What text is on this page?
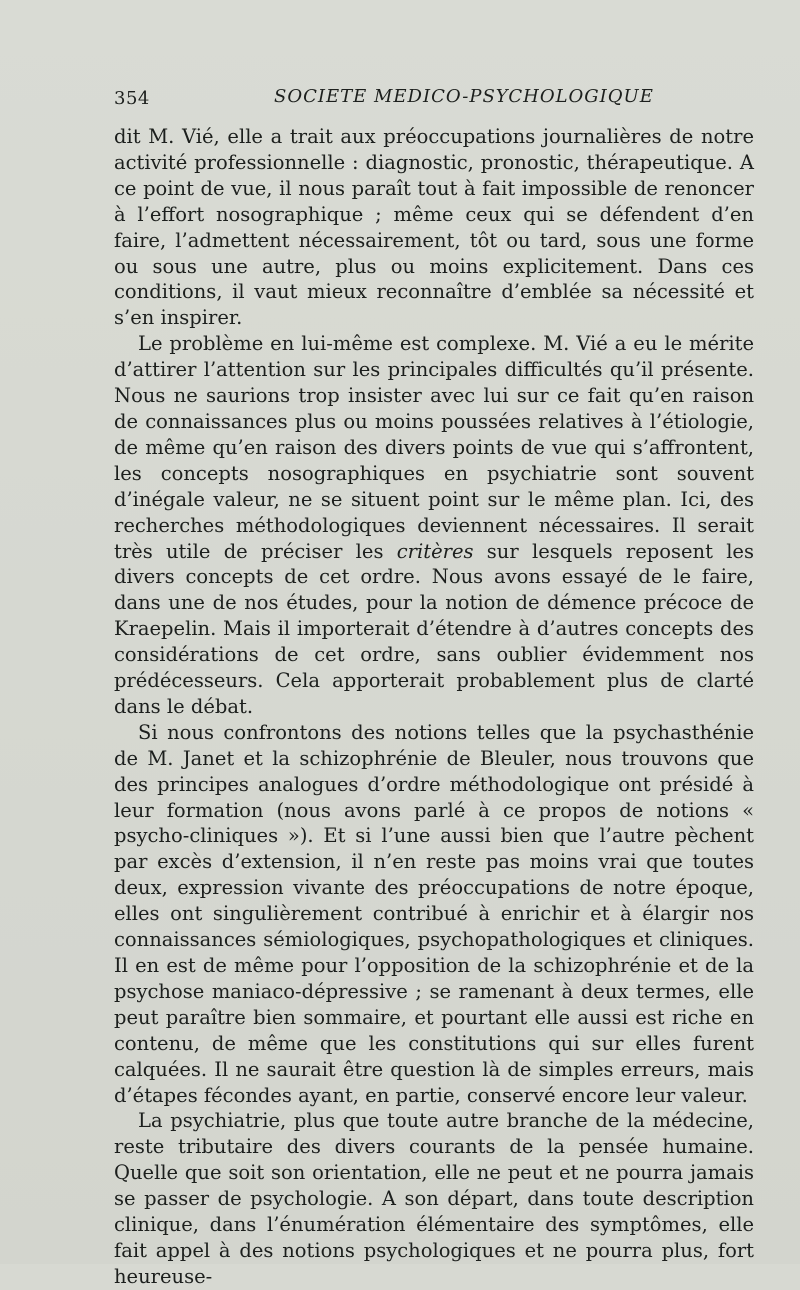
354	SOCIETE MEDICO-PSYCHOLOGIQUE

dit M. Vié, elle a trait aux préoccupations journalières de notre activité professionnelle : diagnostic, pronostic, thérapeutique. A ce point de vue, il nous paraît tout à fait impossible de renoncer à l’effort nosographique ; même ceux qui se défendent d’en faire, l’admettent nécessairement, tôt ou tard, sous une forme ou sous une autre, plus ou moins explicitement. Dans ces conditions, il vaut mieux reconnaître d’emblée sa nécessité et s’en inspirer.

Le problème en lui-même est complexe. M. Vié a eu le mérite d’attirer l’attention sur les principales difficultés qu’il présente. Nous ne saurions trop insister avec lui sur ce fait qu’en raison de connaissances plus ou moins poussées relatives à l’étiologie, de même qu’en raison des divers points de vue qui s’affrontent, les concepts nosographiques en psychiatrie sont souvent d’inégale valeur, ne se situent point sur le même plan. Ici, des recherches méthodologiques deviennent nécessaires. Il serait très utile de préciser les critères sur lesquels reposent les divers concepts de cet ordre. Nous avons essayé de le faire, dans une de nos études, pour la notion de démence précoce de Kraepelin. Mais il importerait d’étendre à d’autres concepts des considérations de cet ordre, sans oublier évidemment nos prédécesseurs. Cela apporterait probablement plus de clarté dans le débat.

Si nous confrontons des notions telles que la psychasthénie de M. Janet et la schizophrénie de Bleuler, nous trouvons que des principes analogues d’ordre méthodologique ont présidé à leur formation (nous avons parlé à ce propos de notions « psycho-cliniques »). Et si l’une aussi bien que l’autre pèchent par excès d’extension, il n’en reste pas moins vrai que toutes deux, expression vivante des préoccupations de notre époque, elles ont singulièrement contribué à enrichir et à élargir nos connaissances sémiologiques, psychopathologiques et cliniques. Il en est de même pour l’opposition de la schizophrénie et de la psychose maniaco-dépressive ; se ramenant à deux termes, elle peut paraître bien sommaire, et pourtant elle aussi est riche en contenu, de même que les constitutions qui sur elles furent calquées. Il ne saurait être question là de simples erreurs, mais d’étapes fécondes ayant, en partie, conservé encore leur valeur.

La psychiatrie, plus que toute autre branche de la médecine, reste tributaire des divers courants de la pensée humaine. Quelle que soit son orientation, elle ne peut et ne pourra jamais se passer de psychologie. A son départ, dans toute description clinique, dans l’énumération élémentaire des symptômes, elle fait appel à des notions psychologiques et ne pourra plus, fort heureuse-
